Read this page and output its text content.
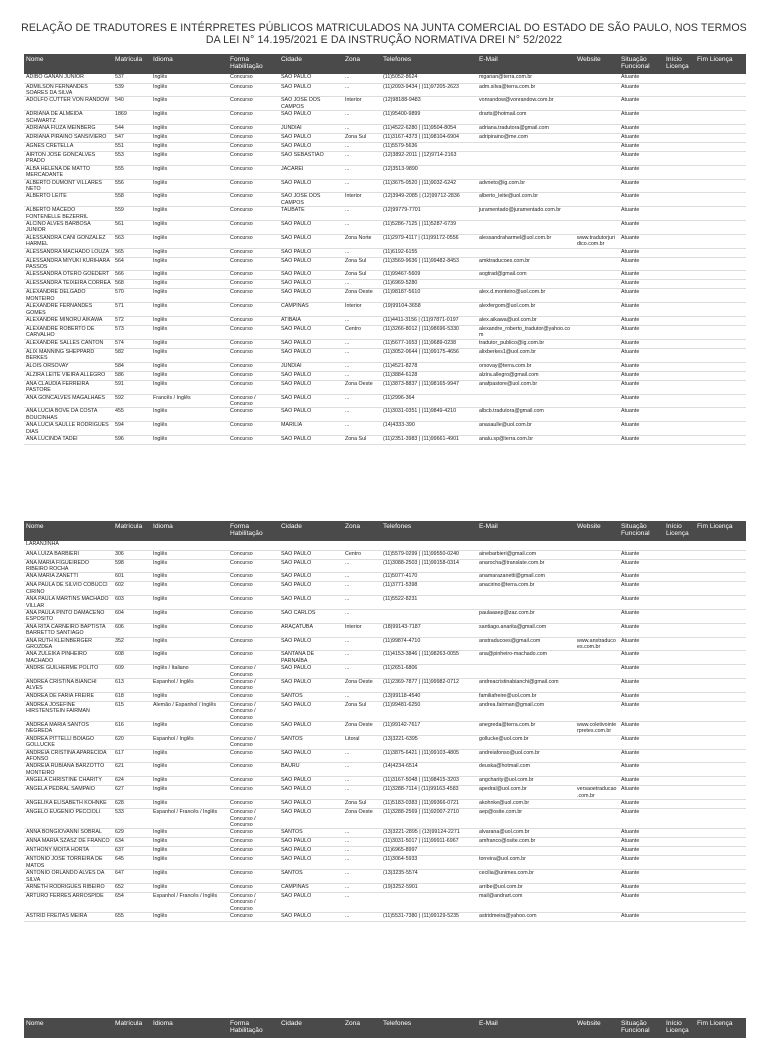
RELAÇÃO DE TRADUTORES E INTÉRPRETES PÚBLICOS MATRICULADOS NA JUNTA COMERCIAL DO ESTADO DE SÃO PAULO, NOS TERMOS DA LEI N° 14.195/2021 E DA INSTRUÇÃO NORMATIVA DREI N° 52/2022
Nome	Matrícula	Idioma	Forma Habilitação	Cidade	Zona	Telefones	E-Mail	Website	Situação Funcional	Início Licença	Fim Licença
ADIBO GANAN JUNIOR	537	Inglês	Concurso	SÃO PAULO	...	(11)5052-8624	mganan@terra.com.br		Atuante		
ADMILSON FERNANDES SOARES DA SILVA	539	Inglês	Concurso	SÃO PAULO	...	(11)2093-9434 | (11)97205-2623	adm.silva@terra.com.br		Atuante		
ADOLFO CUTTER VON RANDOW	540	Inglês	Concurso	SÃO JOSÉ DOS CAMPOS	Interior	(12)98188-9483	vonrandow@vonrandow.com.br		Atuante		
ADRIANA DE ALMEIDA SCHWARTZ	1869	Inglês	Concurso	SÃO PAULO	...	(11)95400-9899	drarts@hotmail.com		Atuante		
ADRIANA FIUZA MEINBERG	544	Inglês	Concurso	JUNDIAÍ	...	(11)4522-6280 | (11)9504-8054	adriana.tradutora@gmail.com		Atuante		
ADRIANA PIRAINO SANSIVIERO	547	Inglês	Concurso	SÃO PAULO	Zona Sul	(11)3167-4373 | (11)98104-6904	adripiraino@me.com		Atuante		
AGNES CRETELLA	551	Inglês	Concurso	SÃO PAULO	...	(11)5579-5636			Atuante		
AIRTON JOSE GONCALVES PRADO	553	Inglês	Concurso	SÃO SEBASTIÃO	...	(12)3892-2011 | (12)9714-2163			Atuante		
ALBA HELENA DE MATTO MERCADANTE	555	Inglês	Concurso	JACAREÍ	...	(12)3513-9890			Atuante		
ALBERTO DUMONT VILLARES NETO	556	Inglês	Concurso	SÃO PAULO	...	(11)3675-0520 | (11)9032-6242	advneto@ig.com.br		Atuante		
ALBERTO LEITE	558	Inglês	Concurso	SÃO JOSÉ DOS CAMPOS	Interior	(12)3949-2085 | (12)99712-2836	alberto_leite@uol.com.br		Atuante		
ALBERTO MACEDO FONTENELLE BEZERRIL	559	Inglês	Concurso	TAUBATÉ	...	(12)99779-7701	juramentado@juramentado.com.br		Atuante		
ALCINO ALVES BARBOSA JUNIOR	561	Inglês	Concurso	SÃO PAULO	...	(11)5286-7125 | (11)5287-6739			Atuante		
ALESSANDRA CANI GONZALEZ HARMEL	563	Inglês	Concurso	SÃO PAULO	Zona Norte	(11)2979-4117 | (11)99172-0556	alessandraharmel@uol.com.br	www.tradutorjuridico.com.br	Atuante		
ALESSANDRA MACHADO LOUZA	565	Inglês	Concurso	SÃO PAULO	...	(11)6192-6155			Atuante		
ALESSANDRA MIYUKI KURIHARA PASSOS	564	Inglês	Concurso	SÃO PAULO	Zona Sul	(11)3569-9636 | (11)99482-8453	amktraducoes.com.br		Atuante		
ALESSANDRA OTERO GOEDERT	566	Inglês	Concurso	SÃO PAULO	Zona Sul	(11)99467-5609	aogtrad@gmail.com		Atuante		
ALESSANDRA TEIXEIRA CORREA	568	Inglês	Concurso	SÃO PAULO	...	(11)6969-5280			Atuante		
ALEXANDRE DELGADO MONTEIRO	570	Inglês	Concurso	SÃO PAULO	Zona Oeste	(11)98187-5610	alex.d.monteiro@uol.com.br		Atuante		
ALEXANDRE FERNANDES GOMES	571	Inglês	Concurso	CAMPINAS	Interior	(19)99104-3658	alexfergom@uol.com.br		Atuante		
ALEXANDRE MINORU AIKAWA	572	Inglês	Concurso	ATIBAIA	...	(11)4411-3156 | (11)97871-0197	alex.aikawa@uol.com.br		Atuante		
ALEXANDRE ROBERTO DE CARVALHO	573	Inglês	Concurso	SÃO PAULO	Centro	(11)3266-8012 | (11)98696-5330	alexandre_roberto_tradutor@yahoo.com		Atuante		
ALEXANDRE SALLES CANTON	574	Inglês	Concurso	SÃO PAULO	...	(11)5677-1653 | (11)9689-0238	tradutor_publico@ig.com.br		Atuante		
ALIX MANNING SHEPPARD BERKES	582	Inglês	Concurso	SÃO PAULO	...	(11)3052-0644 | (11)99175-4656	alixberkes1@uol.com.br		Atuante		
ALOIS ORSOVAY	584	Inglês	Concurso	JUNDIAÍ	...	(11)4521-8278	orsovay@terra.com.br		Atuante		
ALZIRA LEITE VIEIRA ALLEGRO	586	Inglês	Concurso	SÃO PAULO	...	(11)3884-6128	alzira.allegro@gmail.com		Atuante		
ANA CLAUDIA FERREIRA PASTORE	591	Inglês	Concurso	SÃO PAULO	Zona Oeste	(11)3873-8837 | (11)98165-9947	anafpastore@uol.com.br		Atuante		
ANA GONCALVES MAGALHAES	592	Francês / Inglês	Concurso / Concurso	SÃO PAULO	...	(11)2996-364			Atuante		
ANA LUCIA BOVE DA COSTA BOUCINHAS	455	Inglês	Concurso	SÃO PAULO	...	(11)3031-0351 | (11)9849-4210	albcb.tradutora@gmail.com		Atuante		
ANA LUCIA SAULLE RODRIGUES DIAS	594	Inglês	Concurso	MARÍLIA	...	(14)4333-390	anasaulle@uol.com.br		Atuante		
ANA LUCINDA TADEI	596	Inglês	Concurso	SÃO PAULO	Zona Sul	(11)2351-3983 | (11)99661-4901	analu.sp@terra.com.br		Atuante		
Nome	Matrícula	Idioma	Forma Habilitação	Cidade	Zona	Telefones	E-Mail	Website	Situação Funcional	Início Licença	Fim Licença
LARANJINHA											
ANA LUIZA BARBIERI	306	Inglês	Concurso	SÃO PAULO	Centro	(11)5579-0299 | (11)99550-0240	ainebarbieri@gmail.com		Atuante		
ANA MARIA FIGUEIREDO RIBEIRO ROCHA	598	Inglês	Concurso	SÃO PAULO	...	(11)3088-2503 | (11)99158-0314	anarocha@translate.com.br		Atuante		
ANA MARIA ZANETTI	601	Inglês	Concurso	SÃO PAULO	...	(11)5077-4170	anamarazanetti@gmail.com		Atuante		
ANA PAULA DE SILVIO COBUCCI CIRINO	602	Inglês	Concurso	SÃO PAULO	...	(11)3771-5398	anacirino@terra.com.br		Atuante		
ANA PAULA MARTINS MACHADO VILLAR	603	Inglês	Concurso	SÃO PAULO	...	(11)5522-8231			Atuante		
ANA PAULA PINTO DAMACENO ESPOSITO	604	Inglês	Concurso	SÃO CARLOS	...		paulaasep@zaz.com.br		Atuante		
ANA RITA CARNEIRO BAPTISTA BARRETTO SANTIAGO	606	Inglês	Concurso	ARAÇATUBA	Interior	(18)99143-7187	santiago.anarita@gmail.com		Atuante		
ANA RUTH KLEINBERGER GROZDEA	352	Inglês	Concurso	SÃO PAULO	...	(11)99874-4710	anstraducoes@gmail.com	www.anstraducoes.com.br	Atuante		
ANA ZULEIKA PINHEIRO MACHADO	608	Inglês	Concurso	SANTANA DE PARNAÍBA	...	(11)4153-3846 | (11)98263-0055	ana@pinheiro-machado.com		Atuante		
ANDRE GUILHERME POLITO	609	Inglês / Italiano	Concurso / Concurso	SÃO PAULO	...	(11)2651-6806			Atuante		
ANDREA CRISTINA BIANCHI ALVES	613	Espanhol / Inglês	Concurso / Concurso	SÃO PAULO	Zona Oeste	(11)2369-7877 | (11)99982-0712	andreacristinabianchi@gmail.com		Atuante		
ANDREA DE FARIA FREIRE	618	Inglês	Concurso	SANTOS	...	(13)99118-4540	familiafreire@uol.com.br		Atuante		
ANDREA JOSEFINE HIRSTENSTEIN FAIRMAN	615	Alemão / Espanhol / Inglês	Concurso / Concurso / Concurso	SÃO PAULO	Zona Sul	(11)99481-6250	andrea.fairman@gmail.com		Atuante		
ANDREA MARIA SANTOS NEGREDA	616	Inglês	Concurso	SÃO PAULO	Zona Oeste	(11)99142-7617	anegreda@terra.com.br	www.coletivointerpretes.com.br	Atuante		
ANDREA PITTELLI BOIAGO GOLLUCKE	620	Espanhol / Inglês	Concurso / Concurso	SANTOS	Litoral	(13)3221-6395	gollucke@uol.com.br		Atuante		
ANDREIA CRISTINA APARECIDA AFONSO	617	Inglês	Concurso	SÃO PAULO	...	(11)3875-6421 | (11)99103-4805	andreiafonso@uol.com.br		Atuante		
ANDREIA RUBIANA BARZOTTO MONTEIRO	621	Inglês	Concurso	BAURU	...	(14)4234-6514	deuska@hotmail.com		Atuante		
ANGELA CHRISTINE CHARITY	624	Inglês	Concurso	SÃO PAULO	...	(11)3167-5048 | (11)98415-3203	angcharity@uol.com.br		Atuante		
ANGELA PEDRAL SAMPAIO	627	Inglês	Concurso	SÃO PAULO	...	(11)3288-7114 | (11)99163-4583	apedral@uol.com.br	versaoetraducao.com.br	Atuante		
ANGELIKA ELISABETH KOHNKE	628	Inglês	Concurso	SÃO PAULO	Zona Sul	(11)5183-0383 | (11)99366-0721	akohnke@uol.com.br		Atuante		
ANGELO EUGENIO PECCIOLI	533	Espanhol / Francês / Inglês	Concurso / Concurso / Concurso	SÃO PAULO	Zona Oeste	(11)3288-2569 | (11)92007-2710	aep@osite.com.br		Atuante		
ANNA BONGIOVANNI SOBRAL	629	Inglês	Concurso	SANTOS	...	(13)3221-2895 | (13)99124-2271	alvarana@uol.com.br		Atuante		
ANNA MARIA SZASZ DE FRANCO	634	Inglês	Concurso	SÃO PAULO	...	(11)3031-5017 | (11)99911-6967	amfranco@osite.com.br		Atuante		
ANTHONY MOITA HORTA	637	Inglês	Concurso	SÃO PAULO	...	(11)6965-8997			Atuante		
ANTONIO JOSE TORREIRA DE MATOS	645	Inglês	Concurso	SÃO PAULO	...	(11)3064-5933	torreira@uol.com.br		Atuante		
ANTONIO ORLANDO ALVES DA SILVA	647	Inglês	Concurso	SANTOS	...	(13)3235-5574	cecilia@unimes.com.br		Atuante		
ARNETH RODRIGUES RIBEIRO	652	Inglês	Concurso	CAMPINAS	...	(19)3252-5901	arribe@uol.com.br		Atuante		
ARTURO FERRES ARROSPIDE	654	Espanhol / Francês / Inglês	Concurso / Concurso / Concurso	SÃO PAULO	...		mail@andrart.com		Atuante		
ASTRID FREITAS MEIRA	655	Inglês	Concurso	SÃO PAULO	...	(11)5531-7380 | (11)99129-5235	astridmeira@yahoo.com		Atuante		
Nome	Matrícula	Idioma	Forma Habilitação	Cidade	Zona	Telefones	E-Mail	Website	Situação Funcional	Início Licença	Fim Licença
